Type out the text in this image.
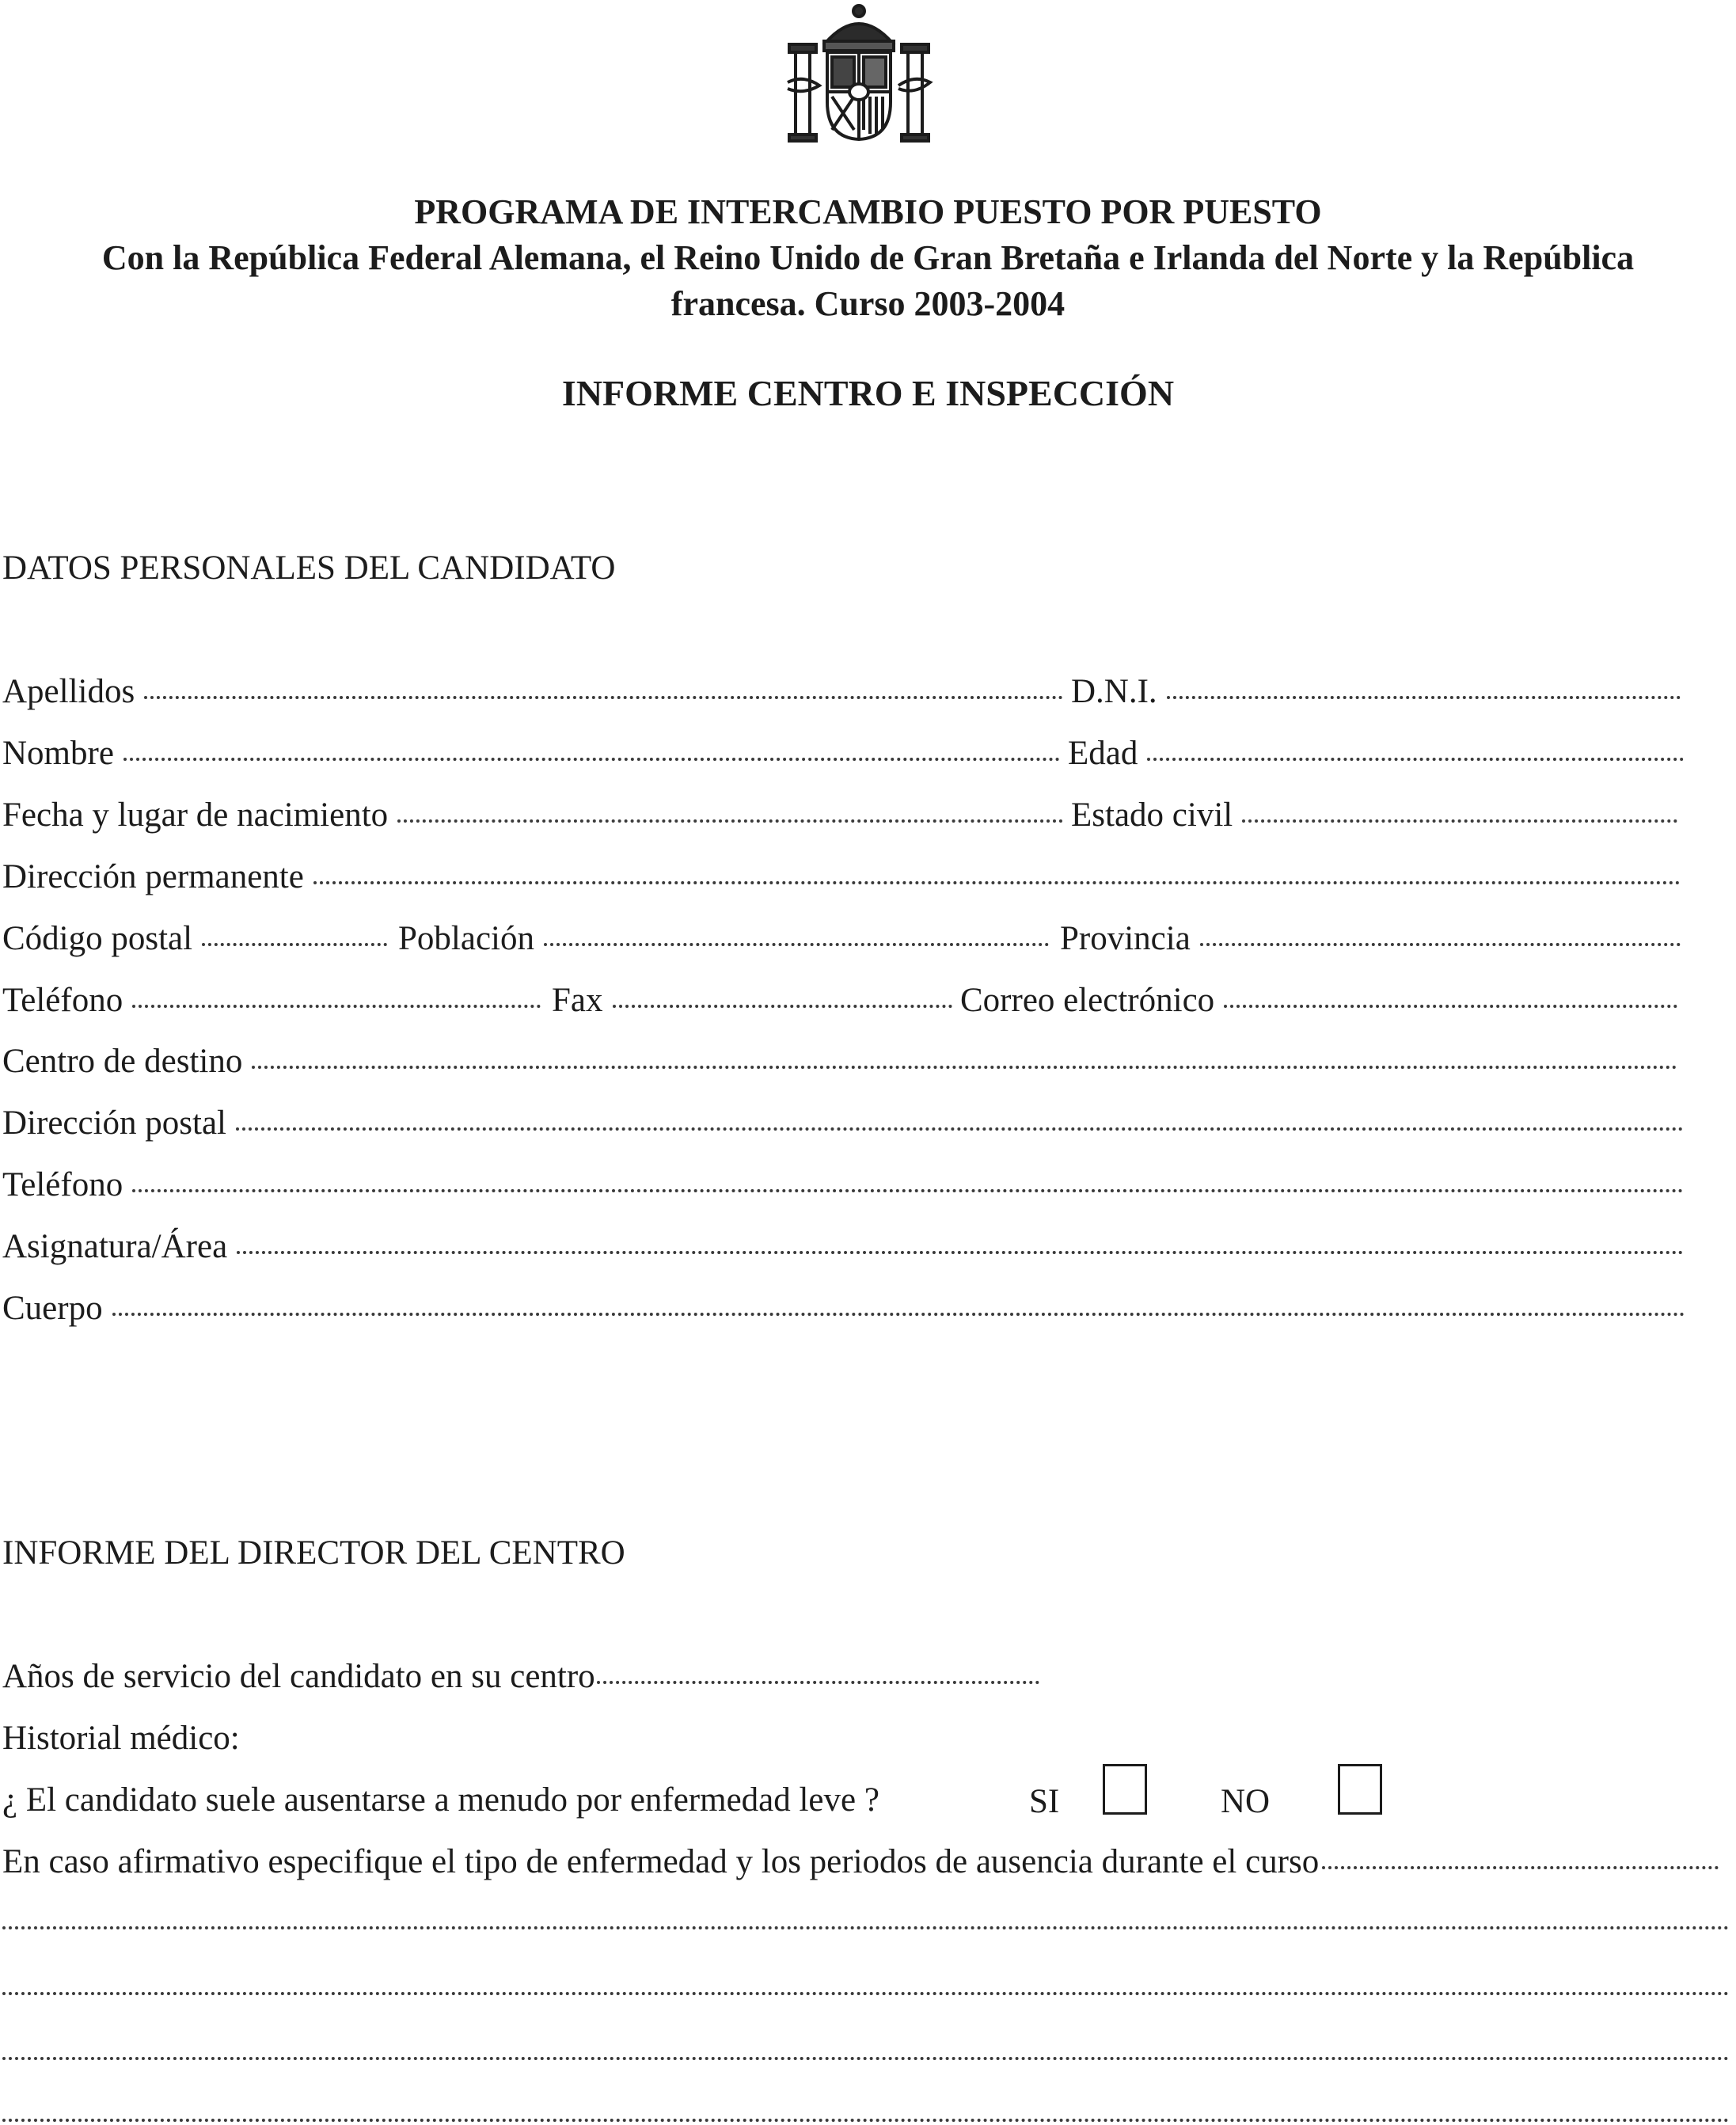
PROGRAMA DE INTERCAMBIO PUESTO POR PUESTO
Con la República Federal Alemana, el Reino Unido de Gran Bretaña e Irlanda del Norte y la República
francesa. Curso 2003-2004
INFORME CENTRO E INSPECCIÓN
DATOS PERSONALES DEL CANDIDATO
Apellidos	D.N.I.
Nombre	Edad
Fecha y lugar de nacimiento	Estado civil
Dirección permanente
Código postal	Población	Provincia
Teléfono	Fax	Correo electrónico
Centro de destino
Dirección postal
Teléfono
Asignatura/Área
Cuerpo
INFORME DEL DIRECTOR DEL CENTRO
Años de servicio del candidato en su centro
Historial médico:
¿ El candidato suele ausentarse a menudo por enfermedad leve ?	SI	NO
En caso afirmativo especifique el tipo de enfermedad y los periodos de ausencia durante el curso
